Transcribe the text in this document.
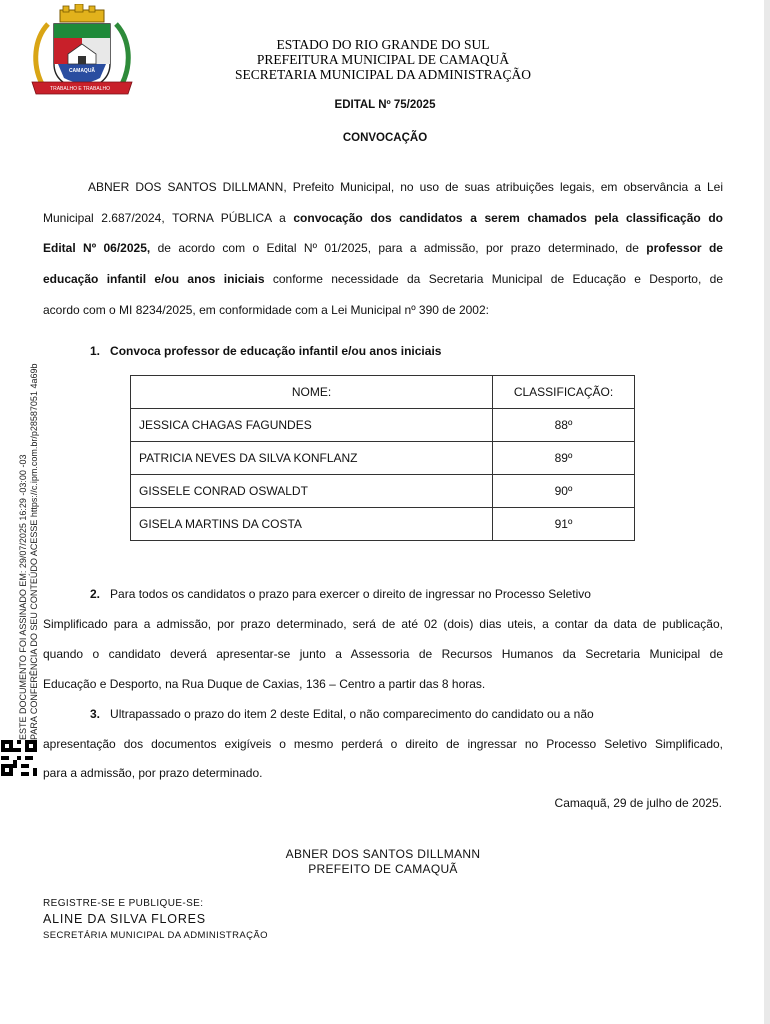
CAMAQUÃ
TRABALHO E TRABALHO
ESTADO DO RIO GRANDE DO SUL
PREFEITURA MUNICIPAL DE CAMAQUÃ
SECRETARIA MUNICIPAL DA ADMINISTRAÇÃO
EDITAL Nº 75/2025
CONVOCAÇÃO
ABNER DOS SANTOS DILLMANN, Prefeito Municipal, no uso de suas atribuições legais, em observância a Lei
Municipal 2.687/2024, TORNA PÚBLICA a convocação dos candidatos a serem chamados pela classificação do
Edital Nº 06/2025, de acordo com o Edital Nº 01/2025, para a admissão, por prazo determinado, de professor de
educação infantil e/ou anos iniciais conforme necessidade da Secretaria Municipal de Educação e Desporto, de
acordo com o MI 8234/2025, em conformidade com a Lei Municipal nº 390 de 2002:
1. Convoca professor de educação infantil e/ou anos iniciais
NOME:	CLASSIFICAÇÃO:
JESSICA CHAGAS FAGUNDES	88º
PATRICIA NEVES DA SILVA KONFLANZ	89º
GISSELE CONRAD OSWALDT	90º
GISELA MARTINS DA COSTA	91º
2. Para todos os candidatos o prazo para exercer o direito de ingressar no Processo Seletivo
Simplificado para a admissão, por prazo determinado, será de até 02 (dois) dias uteis, a contar da data de publicação,
quando o candidato deverá apresentar-se junto a Assessoria de Recursos Humanos da Secretaria Municipal de
Educação e Desporto, na Rua Duque de Caxias, 136 – Centro a partir das 8 horas.
3. Ultrapassado o prazo do item 2 deste Edital, o não comparecimento do candidato ou a não
apresentação dos documentos exigíveis o mesmo perderá o direito de ingressar no Processo Seletivo Simplificado,
para a admissão, por prazo determinado.
Camaquã, 29 de julho de 2025.
ABNER DOS SANTOS DILLMANN
PREFEITO DE CAMAQUÃ
REGISTRE-SE E PUBLIQUE-SE:
ALINE DA SILVA FLORES
SECRETÁRIA MUNICIPAL DA ADMINISTRAÇÃO
ESTE DOCUMENTO FOI ASSINADO EM: 29/07/2025 16:29 -03:00 -03 PARA CONFERÊNCIA DO SEU CONTEÚDO ACESSE https://c.ipm.com.br/p28587051 4a69b
